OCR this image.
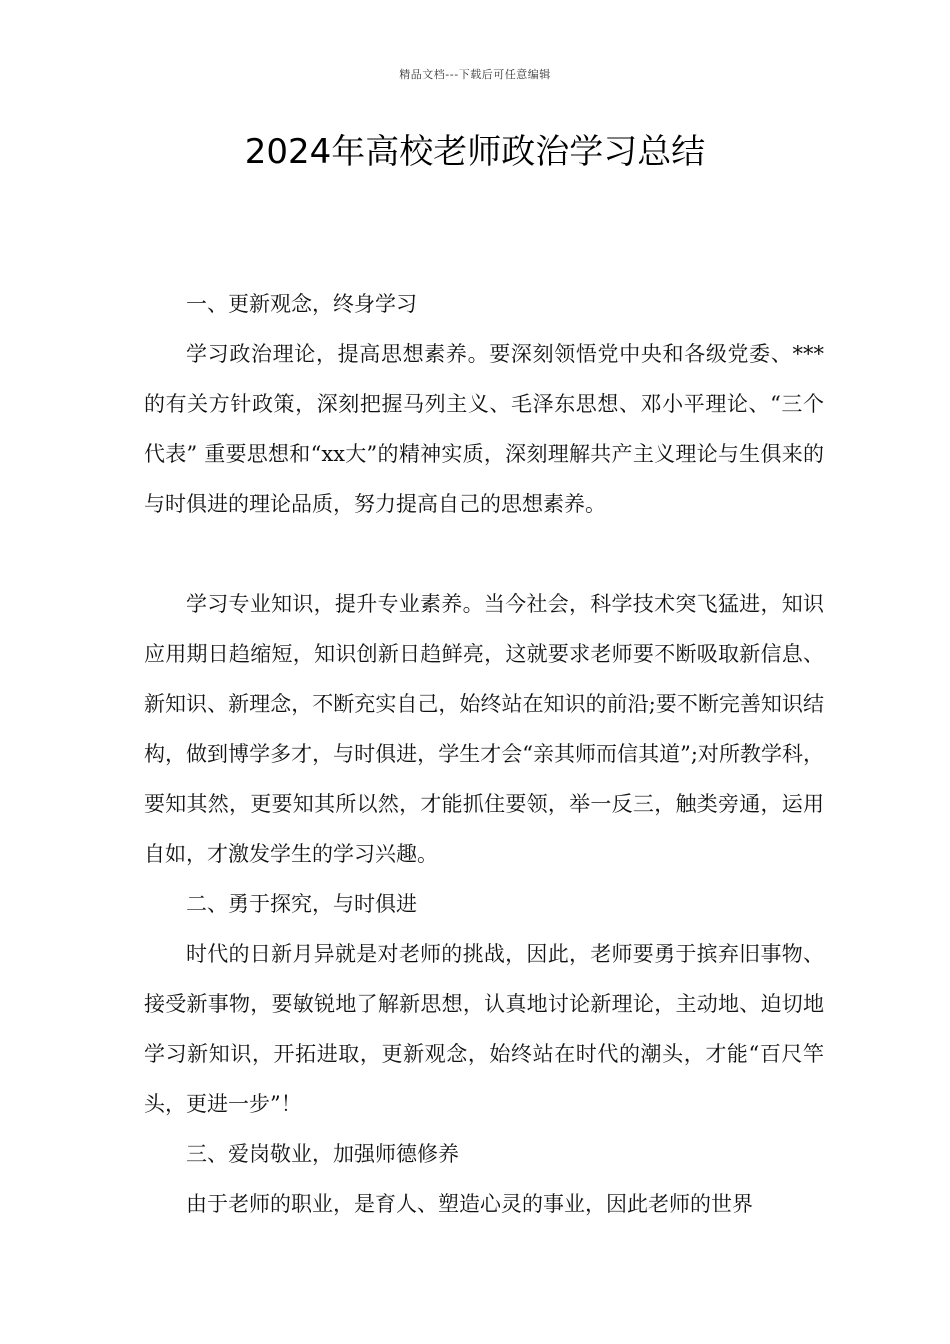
精品文档---下载后可任意编辑
2024年高校老师政治学习总结

一、更新观念，终身学习

学习政治理论，提高思想素养。要深刻领悟党中央和各级党委、***的有关方针政策，深刻把握马列主义、毛泽东思想、邓小平理论、“三个代表” 重要思想和“xx大”的精神实质，深刻理解共产主义理论与生俱来的与时俱进的理论品质，努力提高自己的思想素养。

学习专业知识，提升专业素养。当今社会，科学技术突飞猛进，知识应用期日趋缩短，知识创新日趋鲜亮，这就要求老师要不断吸取新信息、新知识、新理念，不断充实自己，始终站在知识的前沿;要不断完善知识结构，做到博学多才，与时俱进，学生才会“亲其师而信其道”;对所教学科，要知其然，更要知其所以然，才能抓住要领，举一反三，触类旁通，运用自如，才激发学生的学习兴趣。

二、勇于探究，与时俱进

时代的日新月异就是对老师的挑战，因此，老师要勇于摈弃旧事物、接受新事物，要敏锐地了解新思想，认真地讨论新理论，主动地、迫切地学习新知识，开拓进取，更新观念，始终站在时代的潮头，才能“百尺竿头，更进一步”！

三、爱岗敬业，加强师德修养

由于老师的职业，是育人、塑造心灵的事业，因此老师的世界
